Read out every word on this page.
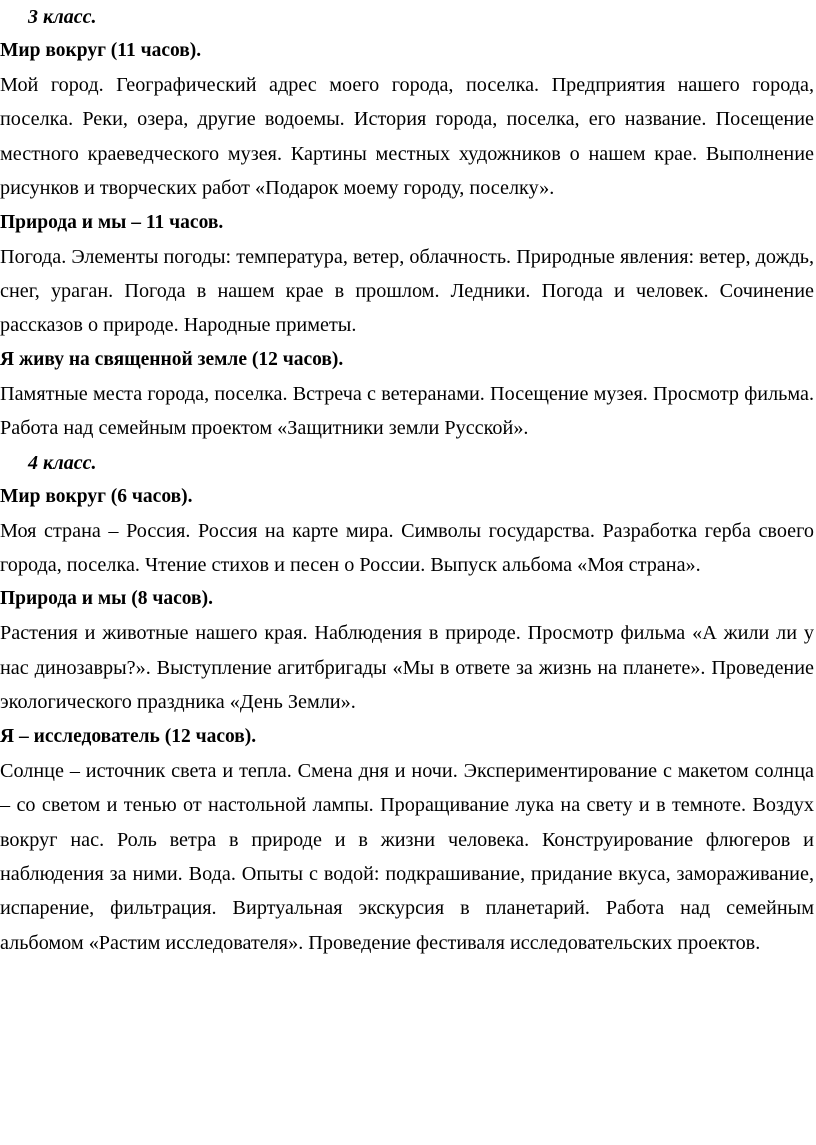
3 класс.

Мир вокруг (11 часов).

Мой город. Географический адрес моего города, поселка. Предприятия нашего города, поселка. Реки, озера, другие водоемы. История города, поселка, его название. Посещение местного краеведческого музея. Картины местных художников о нашем крае. Выполнение рисунков и творческих работ «Подарок моему городу, поселку».

Природа и мы – 11 часов.

Погода. Элементы погоды: температура, ветер, облачность. Природные явления: ветер, дождь, снег, ураган. Погода в нашем крае в прошлом. Ледники. Погода и человек. Сочинение рассказов о природе. Народные приметы.

Я живу на священной земле (12 часов).

Памятные места города, поселка. Встреча с ветеранами. Посещение музея. Просмотр фильма. Работа над семейным проектом «Защитники земли Русской».

4 класс.

Мир вокруг (6 часов).

Моя страна – Россия. Россия на карте мира. Символы государства. Разработка герба своего города, поселка. Чтение стихов и песен о России. Выпуск альбома «Моя страна».

Природа и мы (8 часов).

Растения и животные нашего края. Наблюдения в природе. Просмотр фильма «А жили ли у нас динозавры?». Выступление агитбригады «Мы в ответе за жизнь на планете». Проведение экологического праздника «День Земли».

Я – исследователь (12 часов).

Солнце – источник света и тепла. Смена дня и ночи. Экспериментирование с макетом солнца – со светом и тенью от настольной лампы. Проращивание лука на свету и в темноте. Воздух вокруг нас. Роль ветра в природе и в жизни человека. Конструирование флюгеров и наблюдения за ними. Вода. Опыты с водой: подкрашивание, придание вкуса, замораживание, испарение, фильтрация. Виртуальная экскурсия в планетарий. Работа над семейным альбомом «Растим исследователя». Проведение фестиваля исследовательских проектов.
